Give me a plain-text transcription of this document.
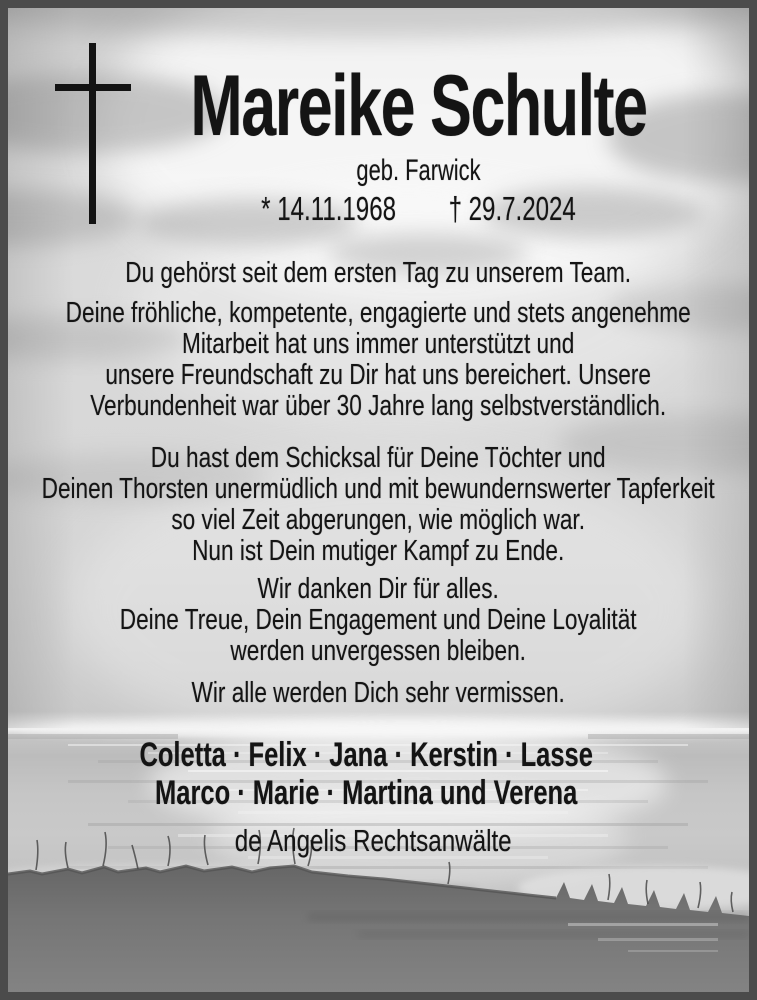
Mareike Schulte
geb. Farwick
* 14.11.1968 † 29.7.2024
Du gehörst seit dem ersten Tag zu unserem Team.
Deine fröhliche, kompetente, engagierte und stets angenehme
Mitarbeit hat uns immer unterstützt und
unsere Freundschaft zu Dir hat uns bereichert. Unsere
Verbundenheit war über 30 Jahre lang selbstverständlich.
Du hast dem Schicksal für Deine Töchter und
Deinen Thorsten unermüdlich und mit bewundernswerter Tapferkeit
so viel Zeit abgerungen, wie möglich war.
Nun ist Dein mutiger Kampf zu Ende.
Wir danken Dir für alles.
Deine Treue, Dein Engagement und Deine Loyalität
werden unvergessen bleiben.
Wir alle werden Dich sehr vermissen.
Coletta · Felix · Jana · Kerstin · Lasse
Marco · Marie · Martina und Verena
de Angelis Rechtsanwälte
